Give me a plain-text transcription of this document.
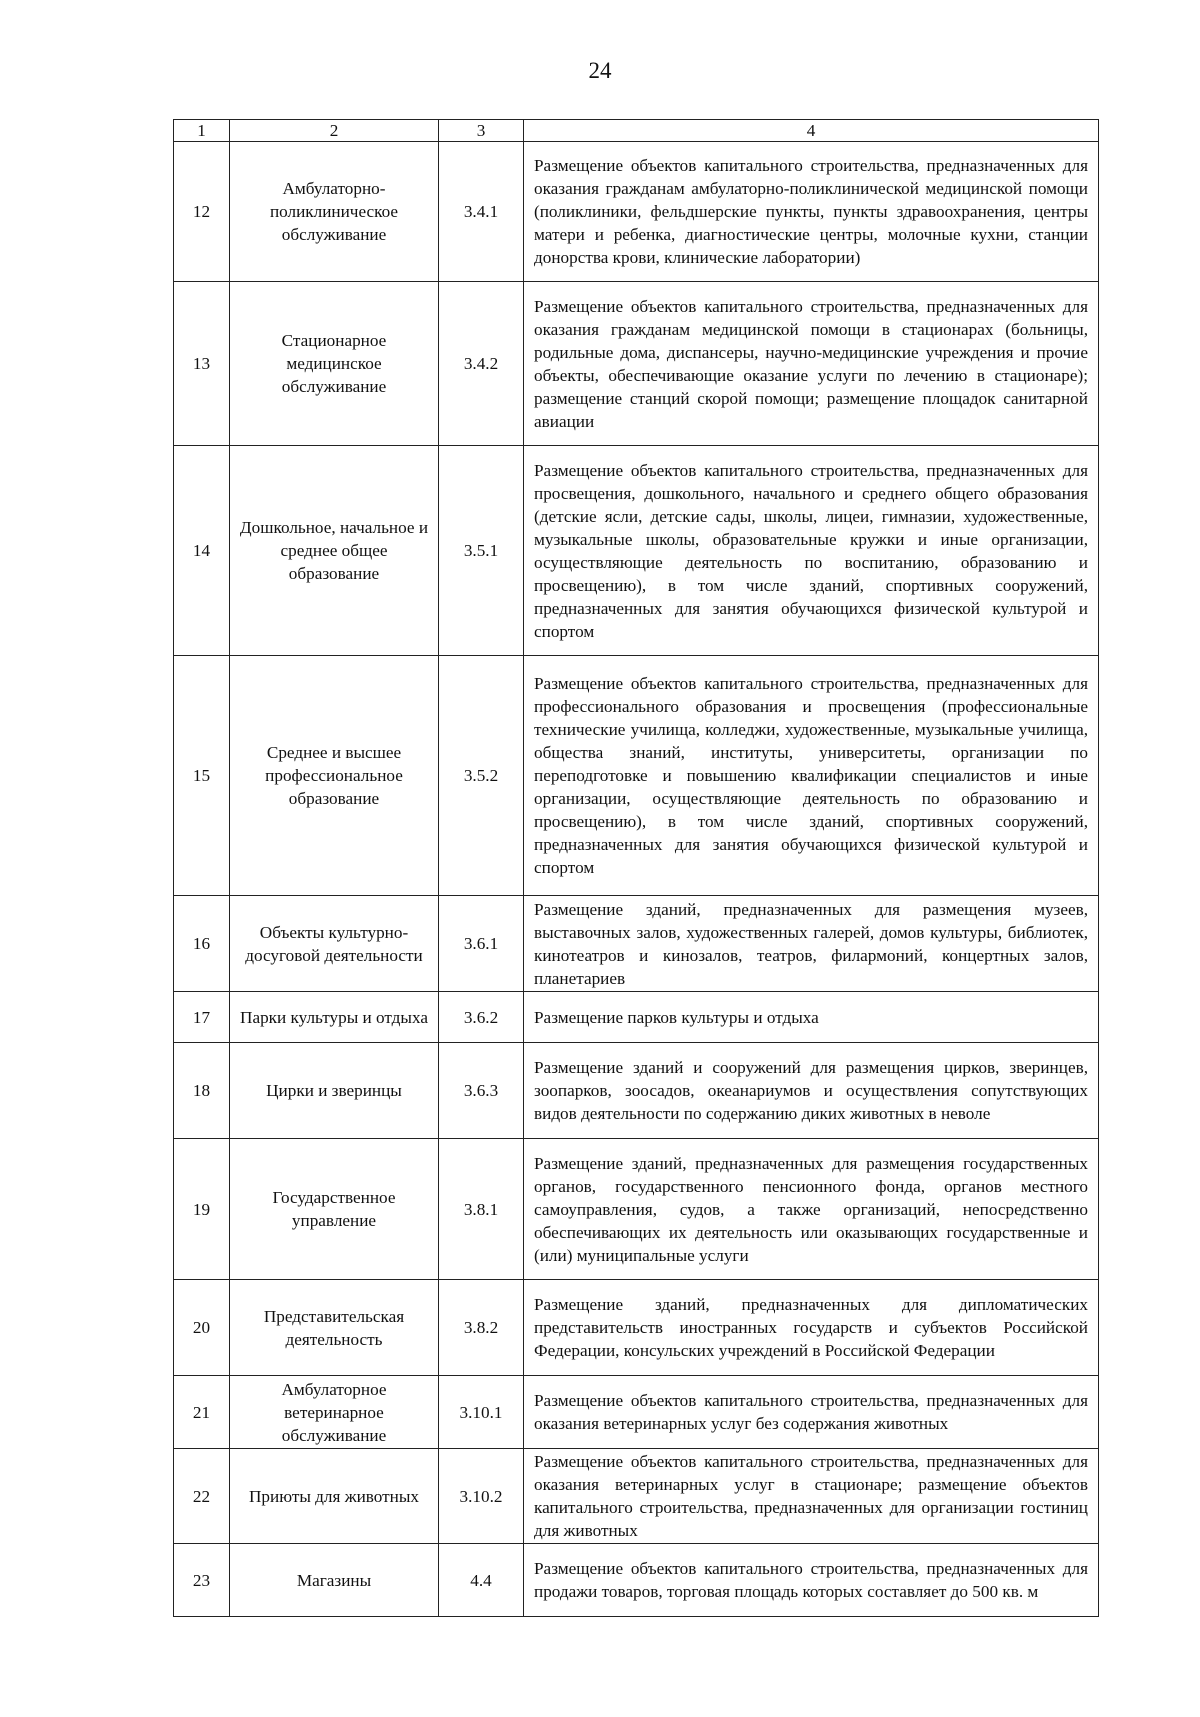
24
1	2	3	4
12	Амбулаторно-поликлиническое обслуживание	3.4.1	Размещение объектов капитального строительства, предназначенных для оказания гражданам амбулаторно-поликлинической медицинской помощи (поликлиники, фельдшерские пункты, пункты здравоохранения, центры матери и ребенка, диагностические центры, молочные кухни, станции донорства крови, клинические лаборатории)
13	Стационарное медицинское обслуживание	3.4.2	Размещение объектов капитального строительства, предназначенных для оказания гражданам медицинской помощи в стационарах (больницы, родильные дома, диспансеры, научно-медицинские учреждения и прочие объекты, обеспечивающие оказание услуги по лечению в стационаре); размещение станций скорой помощи; размещение площадок санитарной авиации
14	Дошкольное, начальное и среднее общее образование	3.5.1	Размещение объектов капитального строительства, предназначенных для просвещения, дошкольного, начального и среднего общего образования (детские ясли, детские сады, школы, лицеи, гимназии, художественные, музыкальные школы, образовательные кружки и иные организации, осуществляющие деятельность по воспитанию, образованию и просвещению), в том числе зданий, спортивных сооружений, предназначенных для занятия обучающихся физической культурой и спортом
15	Среднее и высшее профессиональное образование	3.5.2	Размещение объектов капитального строительства, предназначенных для профессионального образования и просвещения (профессиональные технические училища, колледжи, художественные, музыкальные училища, общества знаний, институты, университеты, организации по переподготовке и повышению квалификации специалистов и иные организации, осуществляющие деятельность по образованию и просвещению), в том числе зданий, спортивных сооружений, предназначенных для занятия обучающихся физической культурой и спортом
16	Объекты культурно-досуговой деятельности	3.6.1	Размещение зданий, предназначенных для размещения музеев, выставочных залов, художественных галерей, домов культуры, библиотек, кинотеатров и кинозалов, театров, филармоний, концертных залов, планетариев
17	Парки культуры и отдыха	3.6.2	Размещение парков культуры и отдыха
18	Цирки и зверинцы	3.6.3	Размещение зданий и сооружений для размещения цирков, зверинцев, зоопарков, зоосадов, океанариумов и осуществления сопутствующих видов деятельности по содержанию диких животных в неволе
19	Государственное управление	3.8.1	Размещение зданий, предназначенных для размещения государственных органов, государственного пенсионного фонда, органов местного самоуправления, судов, а также организаций, непосредственно обеспечивающих их деятельность или оказывающих государственные и (или) муниципальные услуги
20	Представительская деятельность	3.8.2	Размещение зданий, предназначенных для дипломатических представительств иностранных государств и субъектов Российской Федерации, консульских учреждений в Российской Федерации
21	Амбулаторное ветеринарное обслуживание	3.10.1	Размещение объектов капитального строительства, предназначенных для оказания ветеринарных услуг без содержания животных
22	Приюты для животных	3.10.2	Размещение объектов капитального строительства, предназначенных для оказания ветеринарных услуг в стационаре; размещение объектов капитального строительства, предназначенных для организации гостиниц для животных
23	Магазины	4.4	Размещение объектов капитального строительства, предназначенных для продажи товаров, торговая площадь которых составляет до 500 кв. м
